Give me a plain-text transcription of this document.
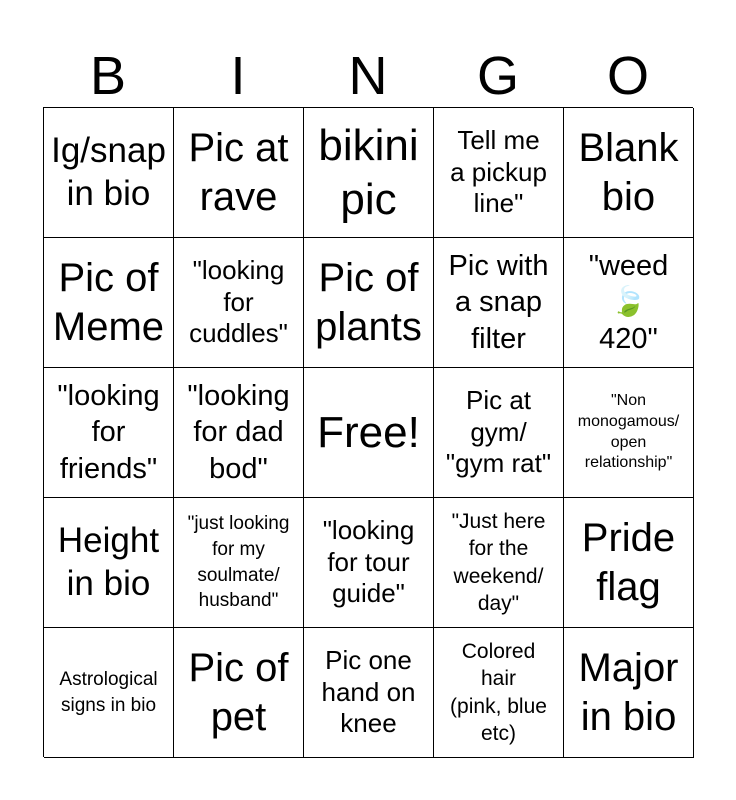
B	I	N	G	O
Ig/snap
in bio
Pic at
rave
bikini
pic
Tell me
a pickup
line"
Blank
bio
Pic of
Meme
"looking
for
cuddles"
Pic of
plants
Pic with
a snap
filter
"weed
🍃
420"
"looking
for
friends"
"looking
for dad
bod"
Free!
Pic at
gym/
"gym rat"
"Non
monogamous/
open
relationship"
Height
in bio
"just looking
for my
soulmate/
husband"
"looking
for tour
guide"
"Just here
for the
weekend/
day"
Pride
flag
Astrological
signs in bio
Pic of
pet
Pic one
hand on
knee
Colored
hair
(pink, blue
etc)
Major
in bio
